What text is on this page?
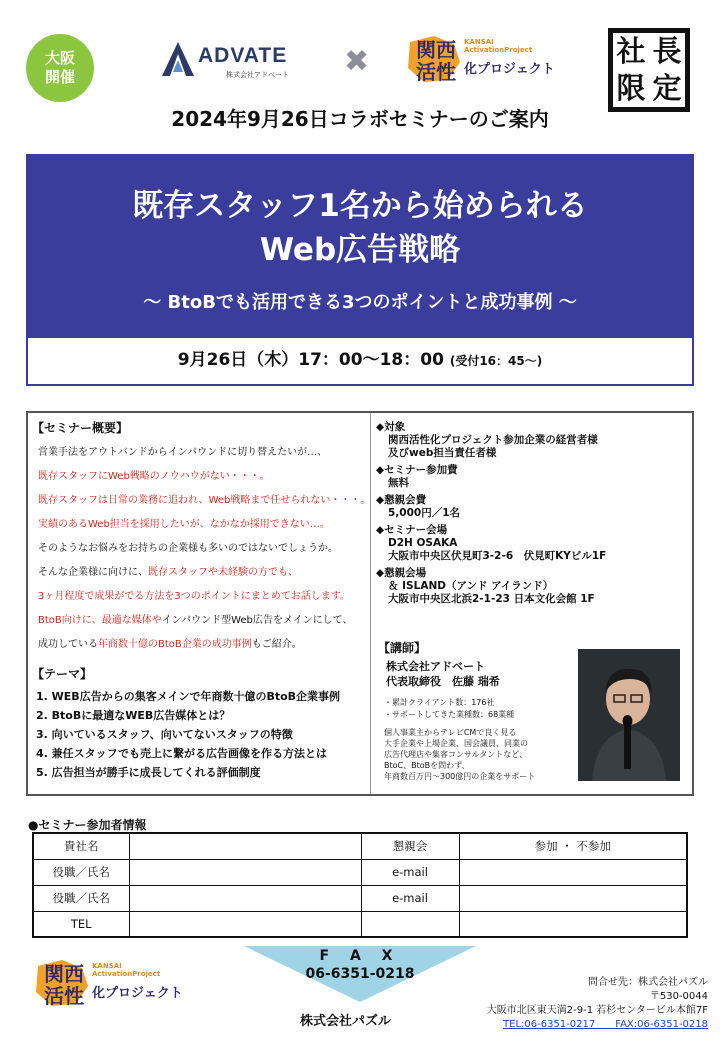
大阪
開催
ADVATE
株式会社アドベート ✖ 関西
活性
KANSAI
ActivationProject
化プロジェクト
社 長
限 定
2024年9月26日コラボセミナーのご案内
既存スタッフ1名から始められる
Web広告戦略
～ BtoBでも活用できる3つのポイントと成功事例 ～
9月26日（木）17：00～18：00 (受付16：45～)
【セミナー概要】
営業手法をアウトバンドからインバウンドに切り替えたいが…、
既存スタッフにWeb戦略のノウハウがない・・・。
既存スタッフは日常の業務に追われ、Web戦略まで任せられない・・・。
実績のあるWeb担当を採用したいが、なかなか採用できない…。
そのようなお悩みをお持ちの企業様も多いのではないでしょうか。
そんな企業様に向けに、既存スタッフや未経験の方でも、
3ヶ月程度で成果がでる方法を3つのポイントにまとめてお話します。
BtoB向けに、最適な媒体やインバウンド型Web広告をメインにして、
成功している年商数十億のBtoB企業の成功事例もご紹介。
【テーマ】
1. WEB広告からの集客メインで年商数十億のBtoB企業事例
2. BtoBに最適なWEB広告媒体とは？
3. 向いているスタッフ、向いてないスタッフの特徴
4. 兼任スタッフでも売上に繋がる広告画像を作る方法とは
5. 広告担当が勝手に成長してくれる評価制度
◆対象
関西活性化プロジェクト参加企業の経営者様
及びweb担当責任者様
◆セミナー参加費
無料
◆懇親会費
5,000円／1名
◆セミナー会場
D2H OSAKA
大阪市中央区伏見町3-2-6　伏見町KYビル1F
◆懇親会場
＆ ISLAND（アンド アイランド）
大阪市中央区北浜2-1-23 日本文化会館 1F
【講師】
株式会社アドベート
代表取締役　佐藤 瑞希
・累計クライアント数：176社
・サポートしてきた業種数：68業種
個人事業主からテレビCMで良く見る
大手企業や上場企業、国会議員、同業の
広告代理店や集客コンサルタントなど、
BtoC、BtoBを問わず、
年商数百万円～300億円の企業をサポート
●セミナー参加者情報
貴社名		懇親会	参加 ・ 不参加
役職／氏名		e-mail	
役職／氏名		e-mail	
TEL			
関西
活性
KANSAI
ActivationProject
化プロジェクト
F A X
06-6351-0218
株式会社パズル
問合せ先：株式会社パズル
〒530-0044
大阪市北区東天満2-9-1 若杉センタービル本館7F
TEL:06-6351-0217　　FAX:06-6351-0218
